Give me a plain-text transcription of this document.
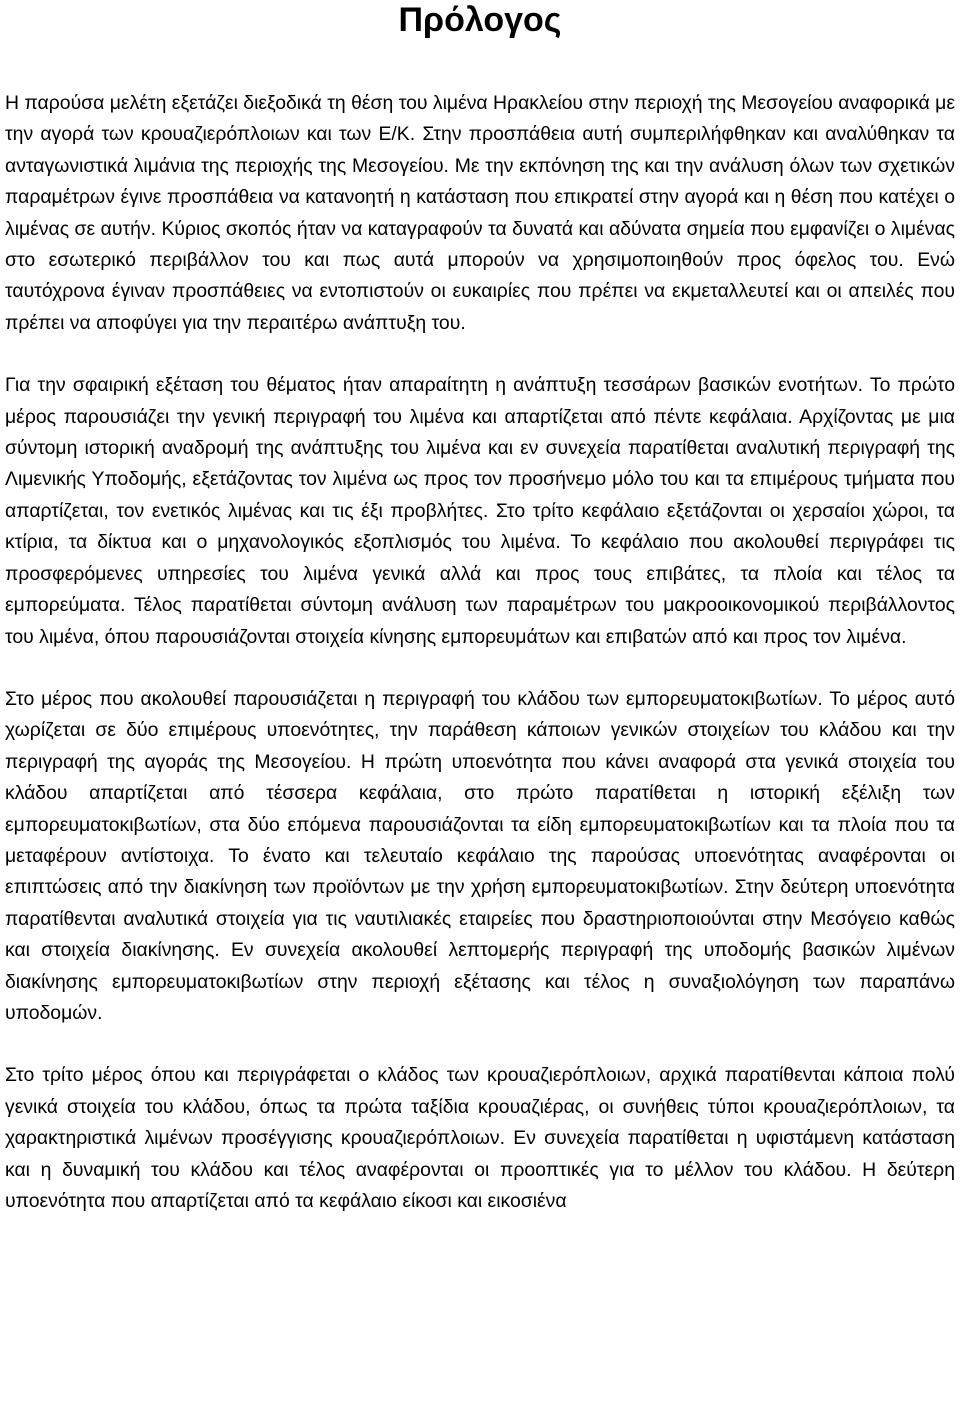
Πρόλογος

Η παρούσα μελέτη εξετάζει διεξοδικά τη θέση του λιμένα Ηρακλείου στην περιοχή της Μεσογείου αναφορικά με την αγορά των κρουαζιερόπλοιων και των Ε/Κ. Στην προσπάθεια αυτή συμπεριλήφθηκαν και αναλύθηκαν τα ανταγωνιστικά λιμάνια της περιοχής της Μεσογείου. Με την εκπόνηση της και την ανάλυση όλων των σχετικών παραμέτρων έγινε προσπάθεια να κατανοητή η κατάσταση που επικρατεί στην αγορά και η θέση που κατέχει ο λιμένας σε αυτήν. Κύριος σκοπός ήταν να καταγραφούν τα δυνατά και αδύνατα σημεία που εμφανίζει ο λιμένας στο εσωτερικό περιβάλλον του και πως αυτά μπορούν να χρησιμοποιηθούν προς όφελος του. Ενώ ταυτόχρονα έγιναν προσπάθειες να εντοπιστούν οι ευκαιρίες που πρέπει να εκμεταλλευτεί και οι απειλές που πρέπει να αποφύγει για την περαιτέρω ανάπτυξη του.

Για την σφαιρική εξέταση του θέματος ήταν απαραίτητη η ανάπτυξη τεσσάρων βασικών ενοτήτων. Το πρώτο μέρος παρουσιάζει την γενική περιγραφή του λιμένα και απαρτίζεται από πέντε κεφάλαια. Αρχίζοντας με μια σύντομη ιστορική αναδρομή της ανάπτυξης του λιμένα και εν συνεχεία παρατίθεται αναλυτική περιγραφή της Λιμενικής Υποδομής, εξετάζοντας τον λιμένα ως προς τον προσήνεμο μόλο του και τα επιμέρους τμήματα που απαρτίζεται, τον ενετικός λιμένας και τις έξι προβλήτες. Στο τρίτο κεφάλαιο εξετάζονται οι χερσαίοι χώροι, τα κτίρια, τα δίκτυα και ο μηχανολογικός εξοπλισμός του λιμένα. Το κεφάλαιο που ακολουθεί περιγράφει τις προσφερόμενες υπηρεσίες του λιμένα γενικά αλλά και προς τους επιβάτες, τα πλοία και τέλος τα εμπορεύματα. Τέλος παρατίθεται σύντομη ανάλυση των παραμέτρων του μακροοικονομικού περιβάλλοντος του λιμένα, όπου παρουσιάζονται στοιχεία κίνησης εμπορευμάτων και επιβατών από και προς τον λιμένα.

Στο μέρος που ακολουθεί παρουσιάζεται η περιγραφή του κλάδου των εμπορευματοκιβωτίων. Το μέρος αυτό χωρίζεται σε δύο επιμέρους υποενότητες, την παράθεση κάποιων γενικών στοιχείων του κλάδου και την περιγραφή της αγοράς της Μεσογείου. Η πρώτη υποενότητα που κάνει αναφορά στα γενικά στοιχεία του κλάδου απαρτίζεται από τέσσερα κεφάλαια, στο πρώτο παρατίθεται η ιστορική εξέλιξη των εμπορευματοκιβωτίων, στα δύο επόμενα παρουσιάζονται τα είδη εμπορευματοκιβωτίων και τα πλοία που τα μεταφέρουν αντίστοιχα. Το ένατο και τελευταίο κεφάλαιο της παρούσας υποενότητας αναφέρονται οι επιπτώσεις από την διακίνηση των προϊόντων με την χρήση εμπορευματοκιβωτίων. Στην δεύτερη υποενότητα παρατίθενται αναλυτικά στοιχεία για τις ναυτιλιακές εταιρείες που δραστηριοποιούνται στην Μεσόγειο καθώς και στοιχεία διακίνησης. Εν συνεχεία ακολουθεί λεπτομερής περιγραφή της υποδομής βασικών λιμένων διακίνησης εμπορευματοκιβωτίων στην περιοχή εξέτασης και τέλος η συναξιολόγηση των παραπάνω υποδομών.

Στο τρίτο μέρος όπου και περιγράφεται ο κλάδος των κρουαζιερόπλοιων, αρχικά παρατίθενται κάποια πολύ γενικά στοιχεία του κλάδου, όπως τα πρώτα ταξίδια κρουαζιέρας, οι συνήθεις τύποι κρουαζιερόπλοιων, τα χαρακτηριστικά λιμένων προσέγγισης κρουαζιερόπλοιων. Εν συνεχεία παρατίθεται η υφιστάμενη κατάσταση και η δυναμική του κλάδου και τέλος αναφέρονται οι προοπτικές για το μέλλον του κλάδου. Η δεύτερη υποενότητα που απαρτίζεται από τα κεφάλαιο είκοσι και εικοσιένα
